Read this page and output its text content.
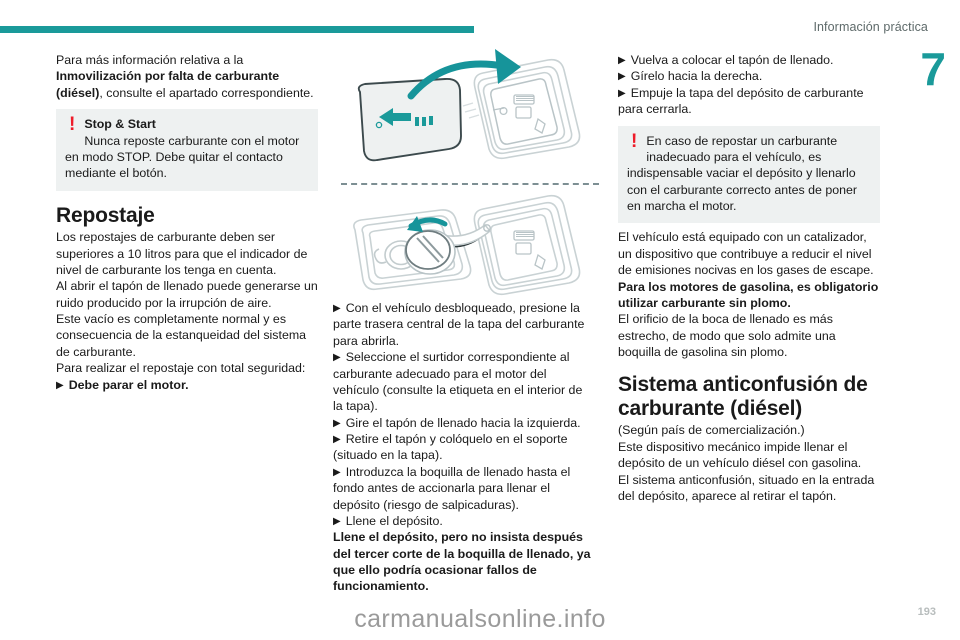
Información práctica
7

Para más información relativa a la Inmovilización por falta de carburante (diésel), consulte el apartado correspondiente.

! Stop & Start
Nunca reposte carburante con el motor

en modo STOP. Debe quitar el contacto mediante el botón.

Repostaje

Los repostajes de carburante deben ser superiores a 10 litros para que el indicador de nivel de carburante los tenga en cuenta.

Al abrir el tapón de llenado puede generarse un ruido producido por la irrupción de aire.

Este vacío es completamente normal y es consecuencia de la estanqueidad del sistema de carburante.

Para realizar el repostaje con total seguridad:

▶ Debe parar el motor.

▶ Con el vehículo desbloqueado, presione la parte trasera central de la tapa del carburante para abrirla.

▶ Seleccione el surtidor correspondiente al carburante adecuado para el motor del vehículo (consulte la etiqueta en el interior de la tapa).

▶ Gire el tapón de llenado hacia la izquierda.

▶ Retire el tapón y colóquelo en el soporte (situado en la tapa).

▶ Introduzca la boquilla de llenado hasta el fondo antes de accionarla para llenar el depósito (riesgo de salpicaduras).

▶ Llene el depósito.

Llene el depósito, pero no insista después del tercer corte de la boquilla de llenado, ya que ello podría ocasionar fallos de funcionamiento.

▶ Vuelva a colocar el tapón de llenado.

▶ Gírelo hacia la derecha.

▶ Empuje la tapa del depósito de carburante para cerrarla.

! En caso de repostar un carburante
inadecuado para el vehículo, es

indispensable vaciar el depósito y llenarlo con el carburante correcto antes de poner en marcha el motor.

El vehículo está equipado con un catalizador, un dispositivo que contribuye a reducir el nivel de emisiones nocivas en los gases de escape.

Para los motores de gasolina, es obligatorio utilizar carburante sin plomo.

El orificio de la boca de llenado es más estrecho, de modo que solo admite una boquilla de gasolina sin plomo.

Sistema anticonfusión de carburante (diésel)

(Según país de comercialización.)

Este dispositivo mecánico impide llenar el depósito de un vehículo diésel con gasolina.

El sistema anticonfusión, situado en la entrada del depósito, aparece al retirar el tapón.

carmanualsonline.info	193
